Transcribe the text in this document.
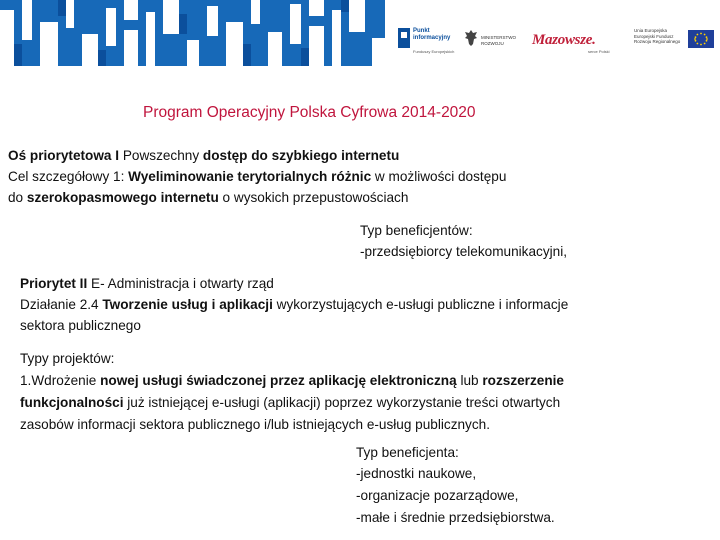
Punkt
informacyjny
Funduszy Europejskich
MINISTERSTWO
ROZWOJU	Mazowsze.
serce Polski
Unia Europejska
Europejski Fundusz
Rozwoju Regionalnego
Program Operacyjny Polska Cyfrowa 2014-2020
Oś priorytetowa I Powszechny dostęp do szybkiego internetu
Cel szczegółowy 1: Wyeliminowanie terytorialnych różnic w możliwości dostępu
do szerokopasmowego internetu o wysokich przepustowościach
Typ beneficjentów:
-przedsiębiorcy telekomunikacyjni,
Priorytet II E- Administracja i otwarty rząd
Działanie 2.4 Tworzenie usług i aplikacji wykorzystujących e-usługi publiczne i informacje
sektora publicznego
Typy projektów:
1.Wdrożenie nowej usługi świadczonej przez aplikację elektroniczną lub rozszerzenie
funkcjonalności już istniejącej e-usługi (aplikacji) poprzez wykorzystanie treści otwartych
zasobów informacji sektora publicznego i/lub istniejących e-usług publicznych.
Typ beneficjenta:
-jednostki naukowe,
-organizacje pozarządowe,
-małe i średnie przedsiębiorstwa.
